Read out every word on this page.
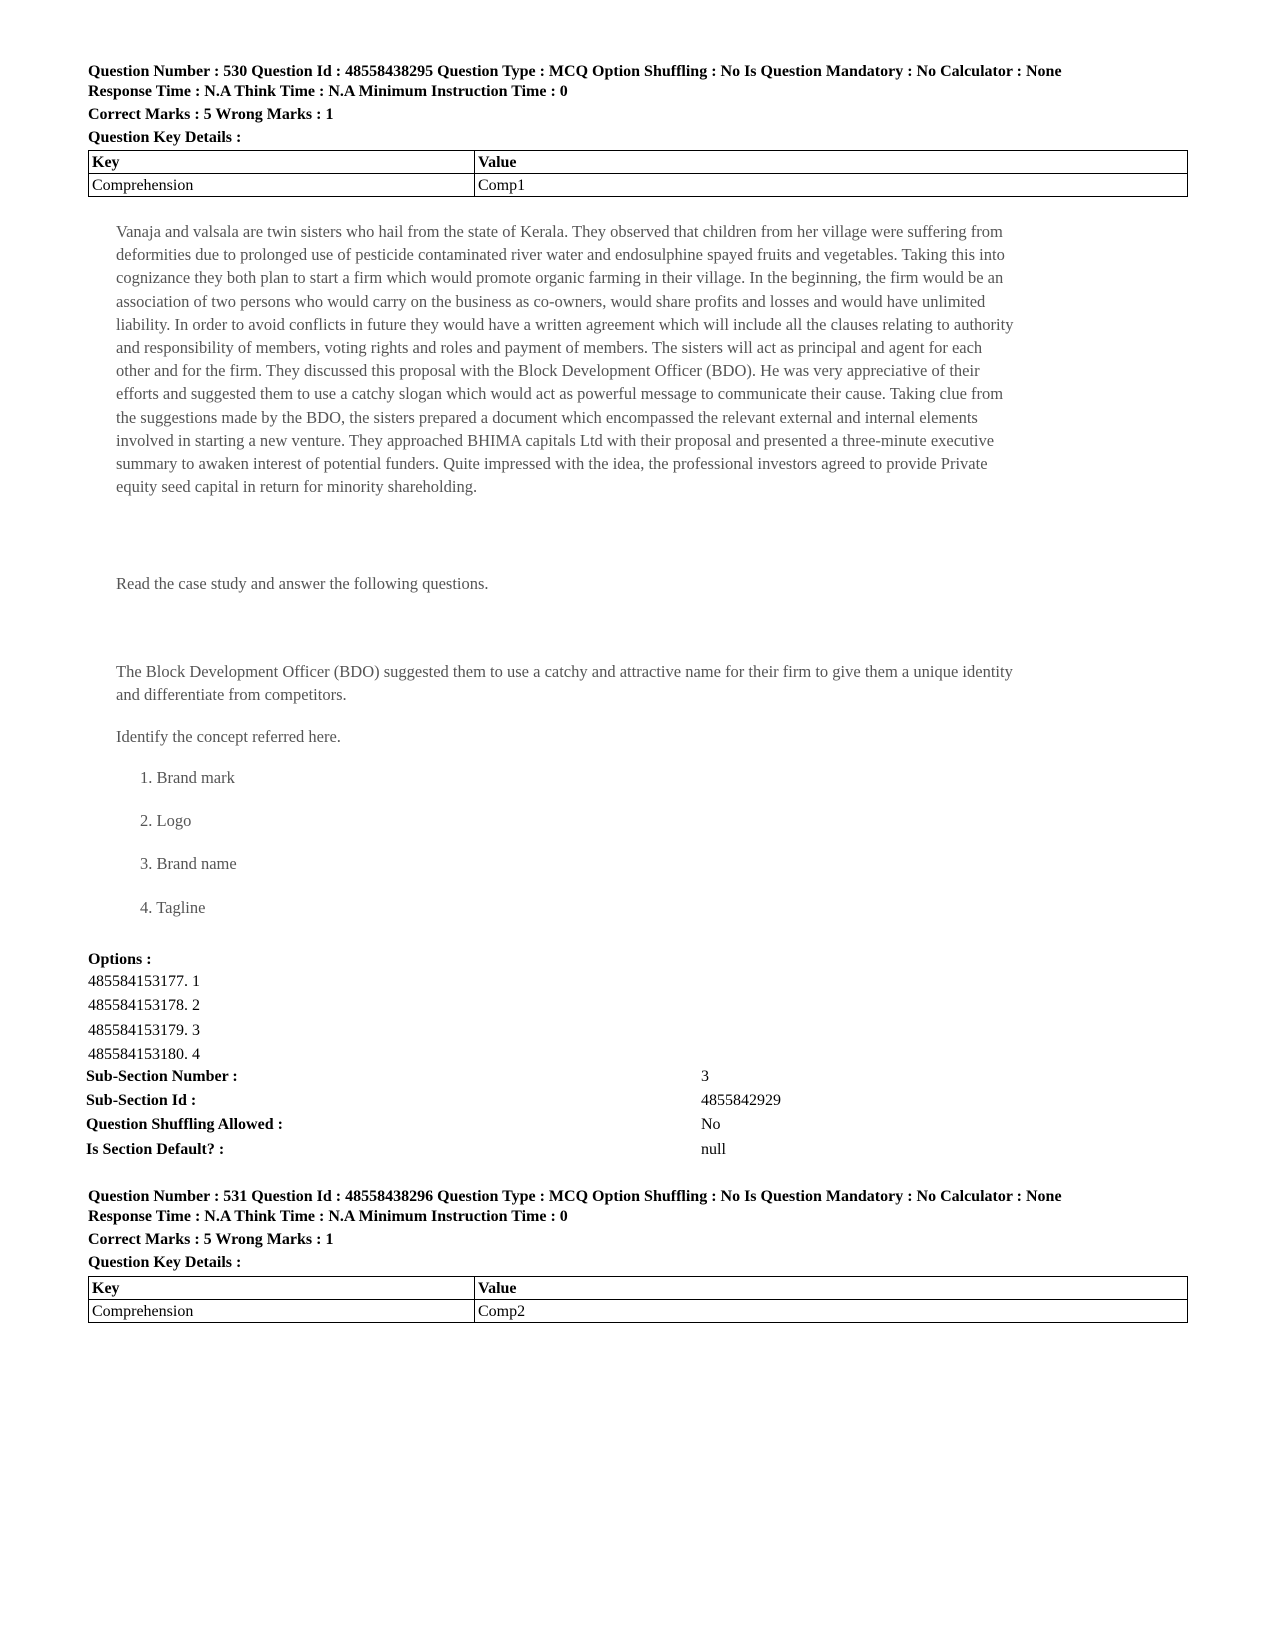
Question Number : 530 Question Id : 48558438295 Question Type : MCQ Option Shuffling : No Is Question Mandatory : No Calculator : None

Response Time : N.A Think Time : N.A Minimum Instruction Time : 0

Correct Marks : 5 Wrong Marks : 1
Question Key Details :
Key	Value
Comprehension	Comp1

Vanaja and valsala are twin sisters who hail from the state of Kerala. They observed that children from her village were suffering from deformities due to prolonged use of pesticide contaminated river water and endosulphine spayed fruits and vegetables. Taking this into cognizance they both plan to start a firm which would promote organic farming in their village. In the beginning, the firm would be an association of two persons who would carry on the business as co-owners, would share profits and losses and would have unlimited liability. In order to avoid conflicts in future they would have a written agreement which will include all the clauses relating to authority and responsibility of members, voting rights and roles and payment of members. The sisters will act as principal and agent for each other and for the firm. They discussed this proposal with the Block Development Officer (BDO). He was very appreciative of their efforts and suggested them to use a catchy slogan which would act as powerful message to communicate their cause. Taking clue from the suggestions made by the BDO, the sisters prepared a document which encompassed the relevant external and internal elements involved in starting a new venture. They approached BHIMA capitals Ltd with their proposal and presented a three-minute executive summary to awaken interest of potential funders. Quite impressed with the idea, the professional investors agreed to provide Private equity seed capital in return for minority shareholding.

Read the case study and answer the following questions.
The Block Development Officer (BDO) suggested them to use a catchy and attractive name for their firm to give them a unique identity and differentiate from competitors.
Identify the concept referred here.
1. Brand mark
2. Logo
3. Brand name
4. Tagline
Options :
485584153177. 1
485584153178. 2
485584153179. 3
485584153180. 4
Sub-Section Number :	3
Sub-Section Id :	4855842929
Question Shuffling Allowed :	No
Is Section Default? :	null

Question Number : 531 Question Id : 48558438296 Question Type : MCQ Option Shuffling : No Is Question Mandatory : No Calculator : None

Response Time : N.A Think Time : N.A Minimum Instruction Time : 0

Correct Marks : 5 Wrong Marks : 1
Question Key Details :
Key	Value
Comprehension	Comp2
